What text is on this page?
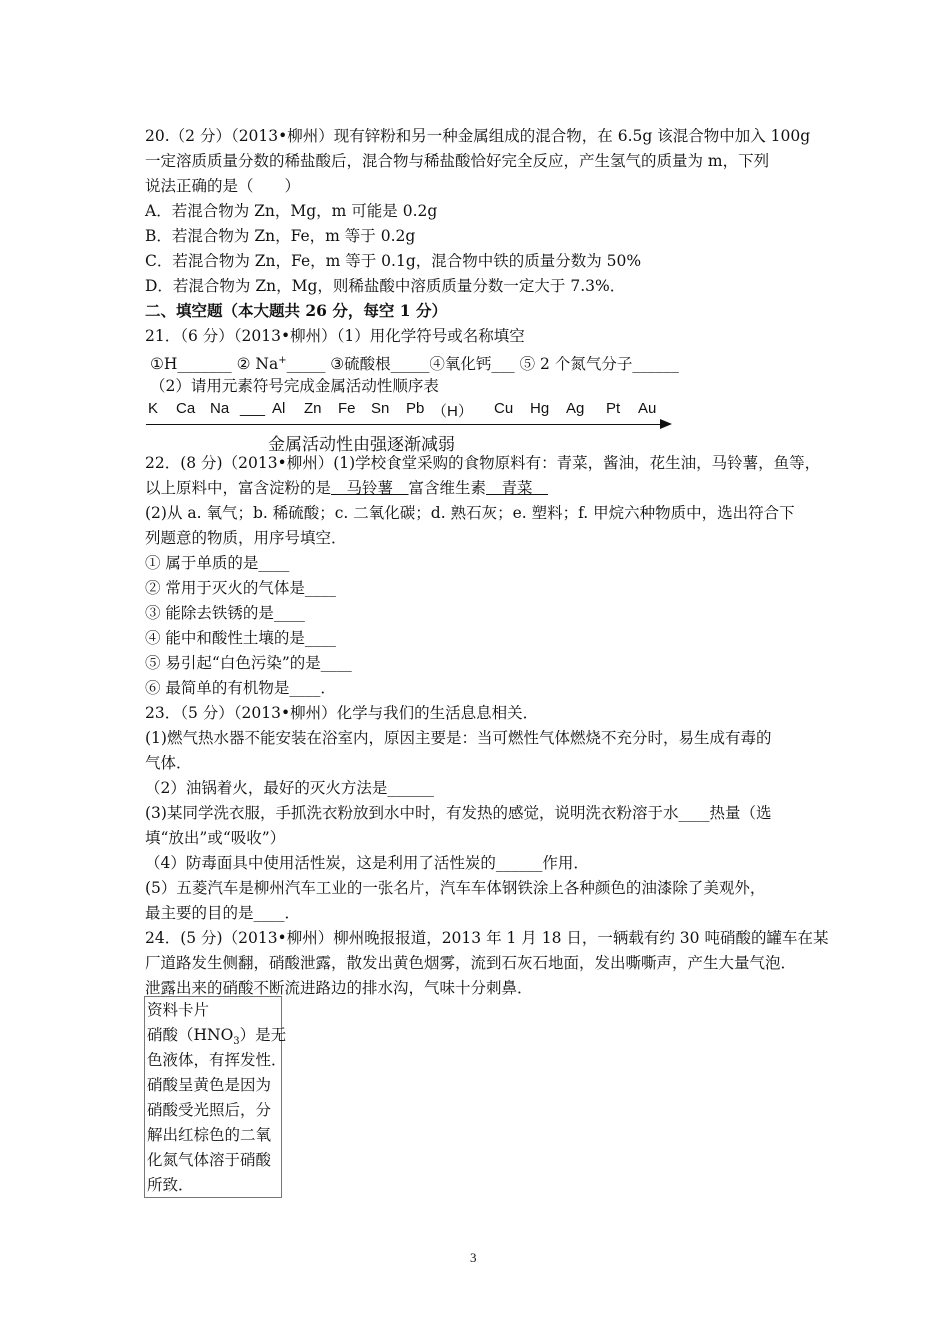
20.（2 分）（2013•柳州）现有锌粉和另一种金属组成的混合物，在 6.5g 该混合物中加入 100g
一定溶质质量分数的稀盐酸后，混合物与稀盐酸恰好完全反应，产生氢气的质量为 m，下列
说法正确的是（　　）
A．若混合物为 Zn，Mg，m 可能是 0.2g
B．若混合物为 Zn，Fe，m 等于 0.2g
C．若混合物为 Zn，Fe，m 等于 0.1g，混合物中铁的质量分数为 50%
D．若混合物为 Zn，Mg，则稀盐酸中溶质质量分数一定大于 7.3%．
二、填空题（本大题共 26 分，每空 1 分）
21．（6 分）（2013•柳州）（1）用化学符号或名称填空
①H_______ ② Na+_____ ③硫酸根_____④氧化钙___ ⑤ 2 个氮气分子______
（2）请用元素符号完成金属活动性顺序表
K Ca Na ___ Al Zn Fe Sn Pb （H） Cu Hg Ag Pt Au
金属活动性由强逐渐减弱
22．(8 分)（2013•柳州）(1)学校食堂采购的食物原料有：青菜，酱油，花生油，马铃薯，鱼等，
以上原料中，富含淀粉的是　马铃薯　富含维生素　青菜　
(2)从 a. 氧气；b. 稀硫酸；c. 二氧化碳；d. 熟石灰；e. 塑料；f. 甲烷六种物质中，选出符合下
列题意的物质，用序号填空．
① 属于单质的是____
② 常用于灭火的气体是____
③ 能除去铁锈的是____
④ 能中和酸性土壤的是____
⑤ 易引起“白色污染”的是____
⑥ 最简单的有机物是____．
23．（5 分）（2013•柳州）化学与我们的生活息息相关．
(1)燃气热水器不能安装在浴室内，原因主要是：当可燃性气体燃烧不充分时，易生成有毒的
气体．
（2）油锅着火，最好的灭火方法是______
(3)某同学洗衣服，手抓洗衣粉放到水中时，有发热的感觉，说明洗衣粉溶于水____热量（选
填“放出”或“吸收”）
（4）防毒面具中使用活性炭，这是利用了活性炭的______作用．
(5）五菱汽车是柳州汽车工业的一张名片，汽车车体钢铁涂上各种颜色的油漆除了美观外，
最主要的目的是____．
24．(5 分)（2013•柳州）柳州晚报报道，2013 年 1 月 18 日，一辆载有约 30 吨硝酸的罐车在某
厂道路发生侧翻，硝酸泄露，散发出黄色烟雾，流到石灰石地面，发出嘶嘶声，产生大量气泡．
泄露出来的硝酸不断流进路边的排水沟，气味十分刺鼻．
资料卡片
硝酸$(HNO_3)$是无
色液体，有挥发性．
硝酸呈黄色是因为
硝酸受光照后，分
解出红棕色的二氧
化氮气体溶于硝酸
所致．
3
